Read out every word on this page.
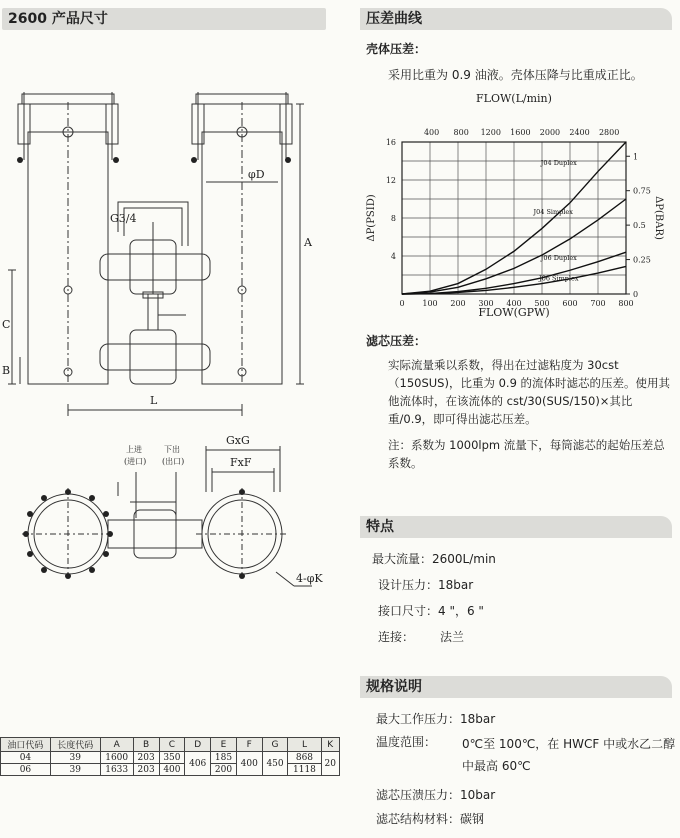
2600 产品尺寸
G3/4
φD
A
C
B
L
GxG
FxF
4-φK
上进
(进口)
下出
(出口)
油口代码	长度代码	A	B	C	D	E	F	G	L	K
04	39	1600	203	350	406	185	400	450	868	20
06	39	1633	203	400		200			1118	
压差曲线
壳体压差：
采用比重为 0.9 油液。壳体压降与比重成正比。
FLOW(L/min)
FLOW(GPW)
ΔP(PSID)	ΔP(BAR)
0 100 200 300 400 500 600 700 800
400 800 1200 1600 2000 2400 2800
4
8
12
16
0
0.25
0.5
0.75
1
J04 Duplex
J04 Simplex
J06 Duplex
J06 Simplex
滤芯压差：
实际流量乘以系数，得出在过滤粘度为 30cst（150SUS)，比重为 0.9 的流体时滤芯的压差。使用其他流体时，在该流体的 cst/30(SUS/150)×其比重/0.9，即可得出滤芯压差。
注：系数为 1000lpm 流量下，每筒滤芯的起始压差总系数。
特点
最大流量：2600L/min
设计压力：18bar
接口尺寸：4 "，6 "
连接： 法兰
规格说明
最大工作压力：18bar
温度范围：	0℃至 100℃，在 HWCF 中或水乙二醇中最高 60℃
滤芯压溃压力：10bar
滤芯结构材料：碳钢
